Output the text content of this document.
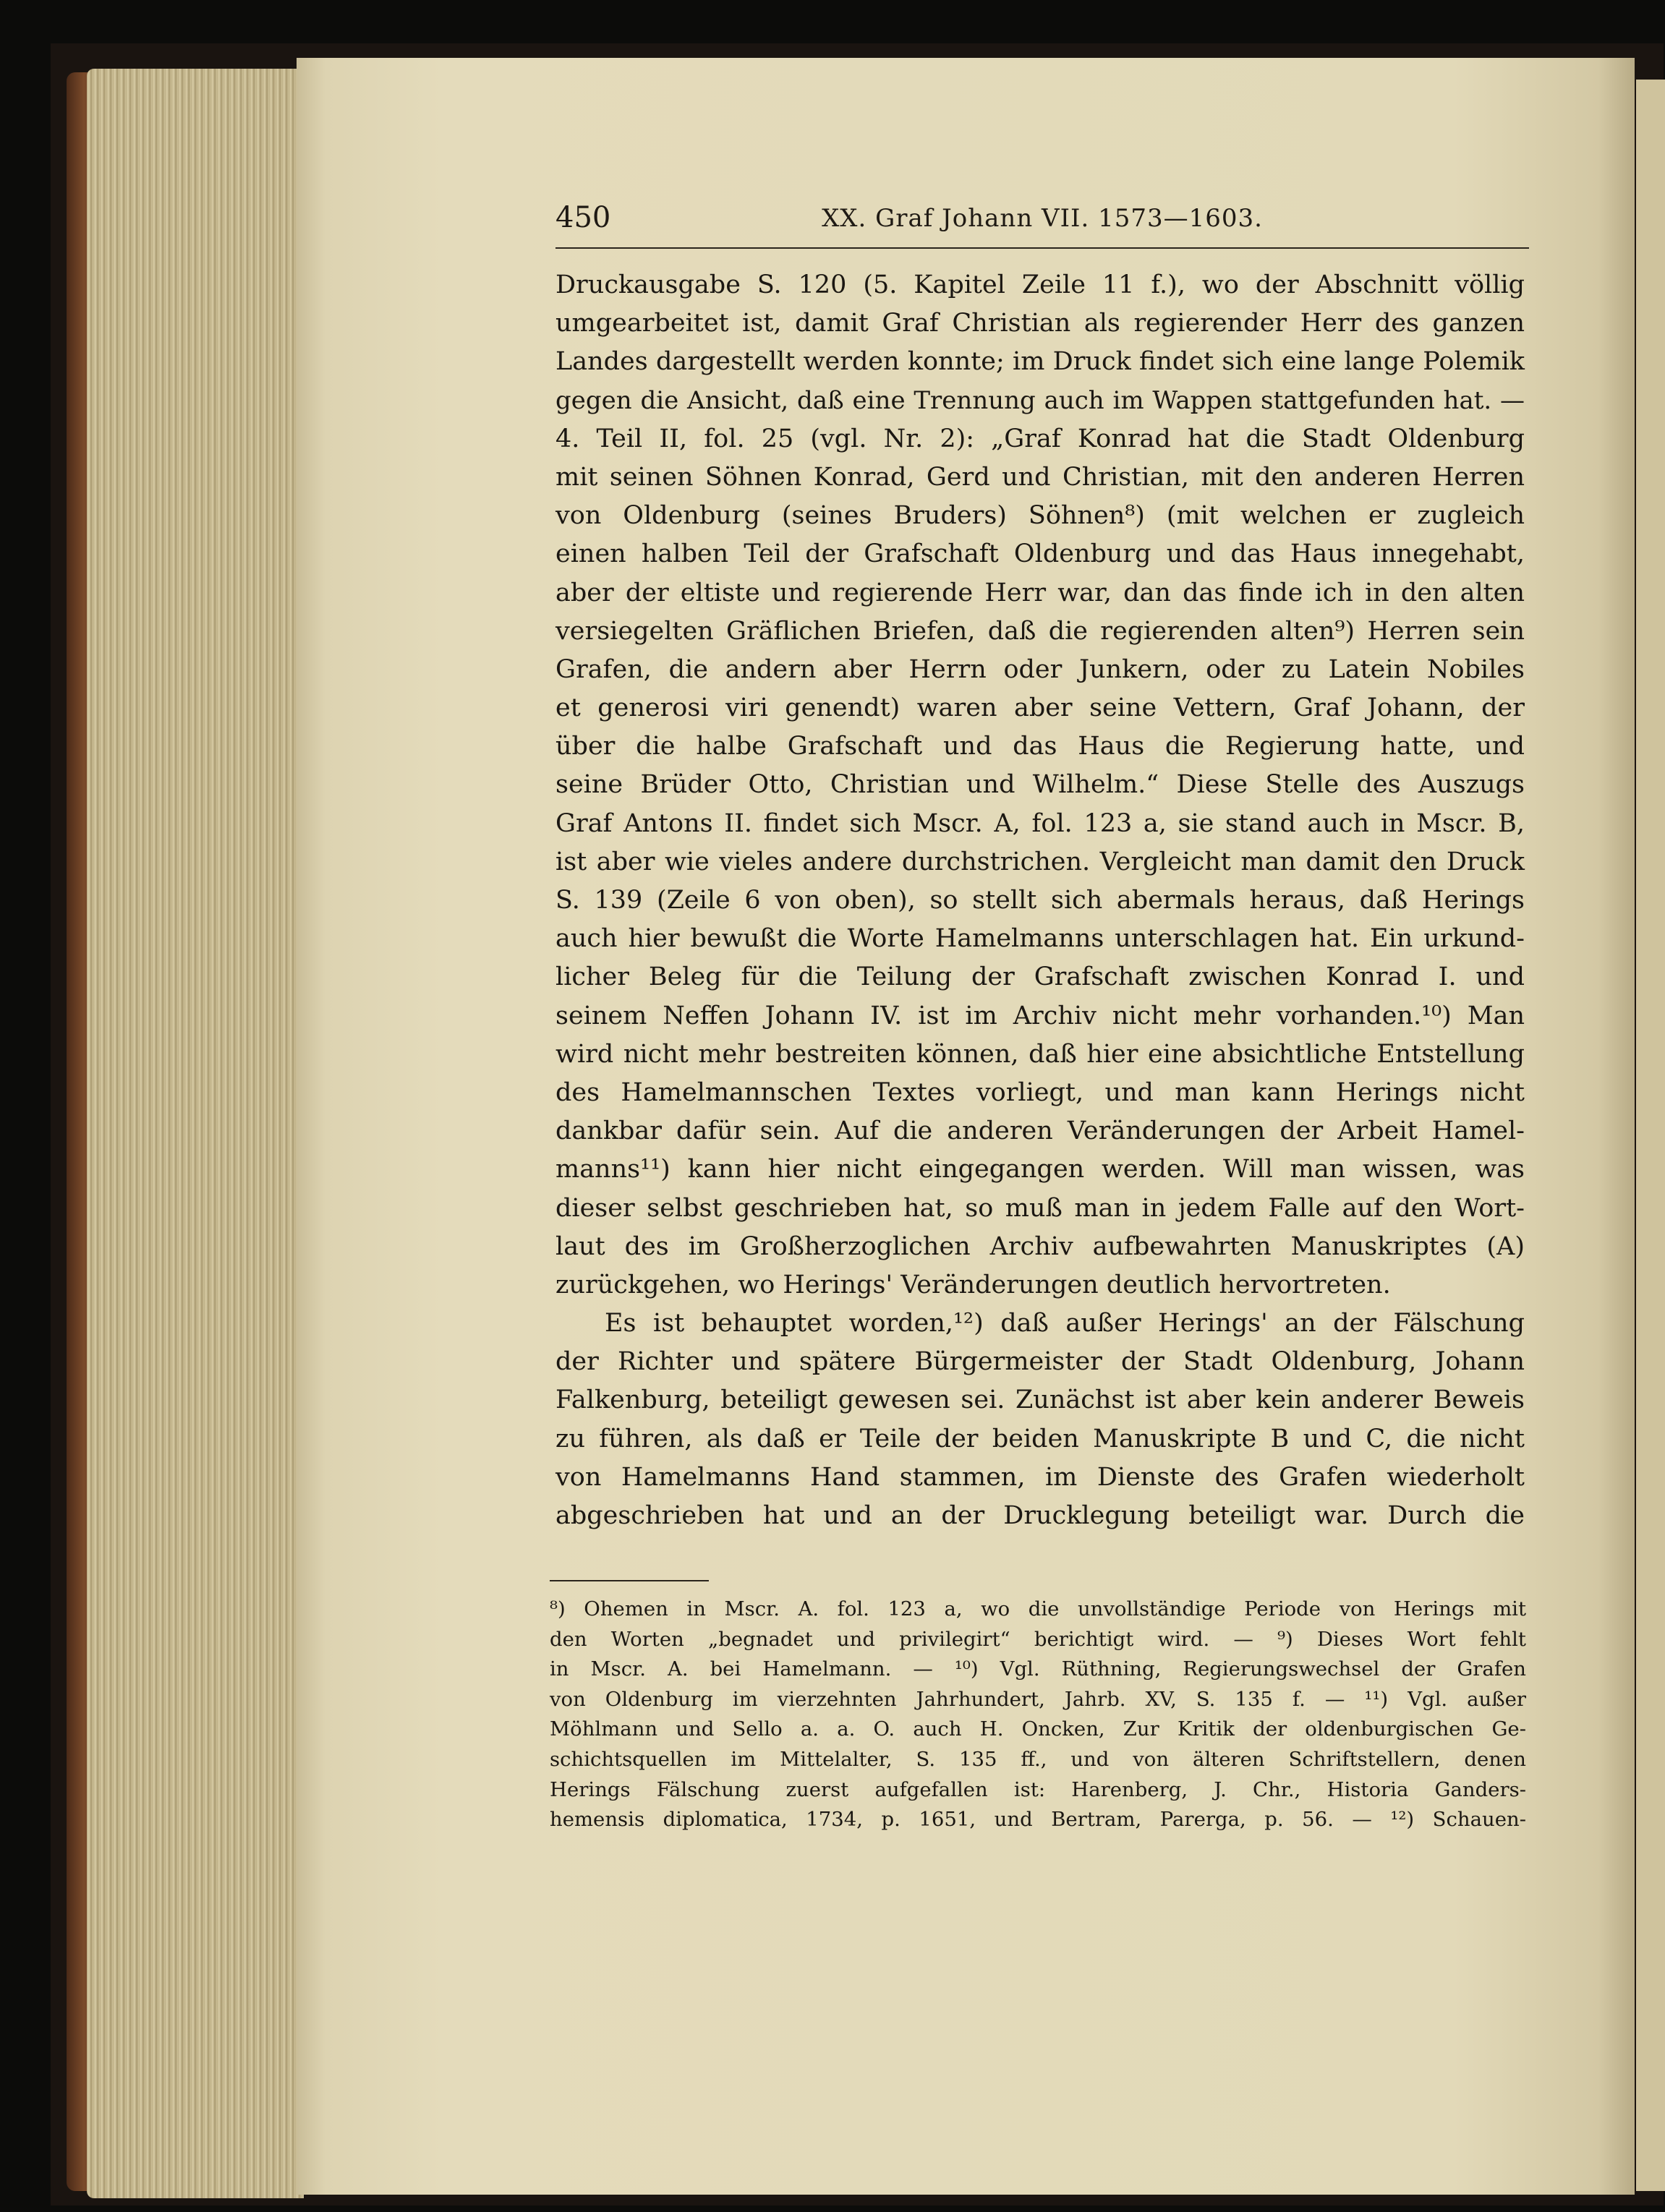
450	XX. Graf Johann VII. 1573—1603.
Druckausgabe S. 120 (5. Kapitel Zeile 11 f.), wo der Abschnitt völlig
umgearbeitet ist, damit Graf Christian als regierender Herr des ganzen
Landes dargestellt werden konnte; im Druck findet sich eine lange Polemik
gegen die Ansicht, daß eine Trennung auch im Wappen stattgefunden hat. —
4. Teil II, fol. 25 (vgl. Nr. 2): „Graf Konrad hat die Stadt Oldenburg
mit seinen Söhnen Konrad, Gerd und Christian, mit den anderen Herren
von Oldenburg (seines Bruders) Söhnen⁸) (mit welchen er zugleich
einen halben Teil der Grafschaft Oldenburg und das Haus innegehabt,
aber der eltiste und regierende Herr war, dan das finde ich in den alten
versiegelten Gräflichen Briefen, daß die regierenden alten⁹) Herren sein
Grafen, die andern aber Herrn oder Junkern, oder zu Latein Nobiles
et generosi viri genendt) waren aber seine Vettern, Graf Johann, der
über die halbe Grafschaft und das Haus die Regierung hatte, und
seine Brüder Otto, Christian und Wilhelm.“ Diese Stelle des Auszugs
Graf Antons II. findet sich Mscr. A, fol. 123 a, sie stand auch in Mscr. B,
ist aber wie vieles andere durchstrichen. Vergleicht man damit den Druck
S. 139 (Zeile 6 von oben), so stellt sich abermals heraus, daß Herings
auch hier bewußt die Worte Hamelmanns unterschlagen hat. Ein urkund-
licher Beleg für die Teilung der Grafschaft zwischen Konrad I. und
seinem Neffen Johann IV. ist im Archiv nicht mehr vorhanden.¹⁰) Man
wird nicht mehr bestreiten können, daß hier eine absichtliche Entstellung
des Hamelmannschen Textes vorliegt, und man kann Herings nicht
dankbar dafür sein. Auf die anderen Veränderungen der Arbeit Hamel-
manns¹¹) kann hier nicht eingegangen werden. Will man wissen, was
dieser selbst geschrieben hat, so muß man in jedem Falle auf den Wort-
laut des im Großherzoglichen Archiv aufbewahrten Manuskriptes (A)
zurückgehen, wo Herings' Veränderungen deutlich hervortreten.
Es ist behauptet worden,¹²) daß außer Herings' an der Fälschung
der Richter und spätere Bürgermeister der Stadt Oldenburg, Johann
Falkenburg, beteiligt gewesen sei. Zunächst ist aber kein anderer Beweis
zu führen, als daß er Teile der beiden Manuskripte B und C, die nicht
von Hamelmanns Hand stammen, im Dienste des Grafen wiederholt
abgeschrieben hat und an der Drucklegung beteiligt war. Durch die
⁸) Ohemen in Mscr. A. fol. 123 a, wo die unvollständige Periode von Herings mit
den Worten „begnadet und privilegirt“ berichtigt wird. — ⁹) Dieses Wort fehlt
in Mscr. A. bei Hamelmann. — ¹⁰) Vgl. Rüthning, Regierungswechsel der Grafen
von Oldenburg im vierzehnten Jahrhundert, Jahrb. XV, S. 135 f. — ¹¹) Vgl. außer
Möhlmann und Sello a. a. O. auch H. Oncken, Zur Kritik der oldenburgischen Ge-
schichtsquellen im Mittelalter, S. 135 ff., und von älteren Schriftstellern, denen
Herings Fälschung zuerst aufgefallen ist: Harenberg, J. Chr., Historia Ganders-
hemensis diplomatica, 1734, p. 1651, und Bertram, Parerga, p. 56. — ¹²) Schauen-
